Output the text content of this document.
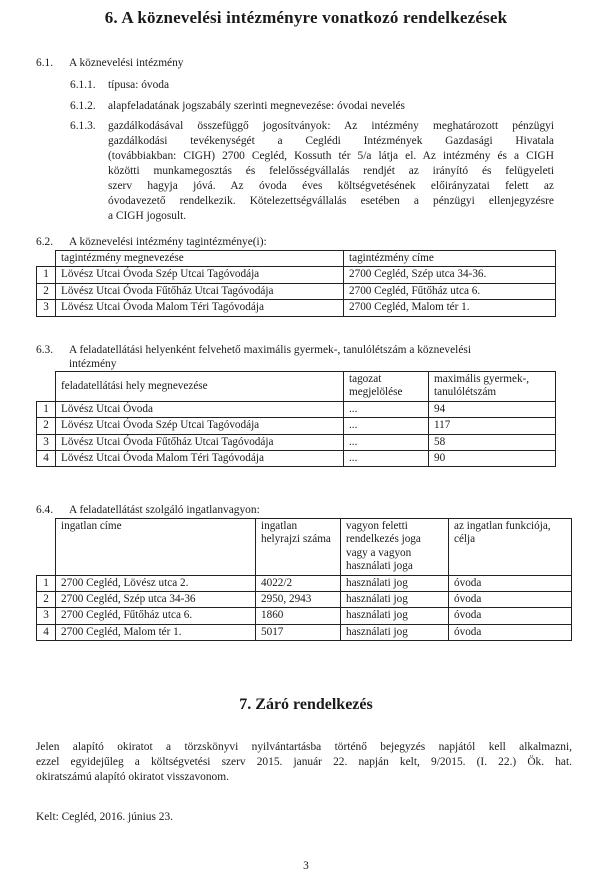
6. A köznevelési intézményre vonatkozó rendelkezések

6.1. A köznevelési intézmény

6.1.1. típusa: óvoda

6.1.2. alapfeladatának jogszabály szerinti megnevezése: óvodai nevelés

6.1.3. gazdálkodásával összefüggő jogosítványok: Az intézmény meghatározott pénzügyi

gazdálkodási tevékenységét a Ceglédi Intézmények Gazdasági Hivatala

(továbbiakban: CIGH) 2700 Cegléd, Kossuth tér 5/a látja el. Az intézmény és a CIGH

közötti munkamegosztás és felelősségvállalás rendjét az irányító és felügyeleti

szerv hagyja jóvá. Az óvoda éves költségvetésének előirányzatai felett az

óvodavezető rendelkezik. Kötelezettségvállalás esetében a pénzügyi ellenjegyzésre

a CIGH jogosult.

6.2. A köznevelési intézmény tagintézménye(i):

	tagintézmény megnevezése	tagintézmény címe
1	Lövész Utcai Óvoda Szép Utcai Tagóvodája	2700 Cegléd, Szép utca 34-36.
2	Lövész Utcai Óvoda Fűtőház Utcai Tagóvodája	2700 Cegléd, Fűtőház utca 6.
3	Lövész Utcai Óvoda Malom Téri Tagóvodája	2700 Cegléd, Malom tér 1.

6.3. A feladatellátási helyenként felvehető maximális gyermek-, tanulólétszám a köznevelési

intézmény

	feladatellátási hely megnevezése	tagozat megjelölése	maximális gyermek-, tanulólétszám
1	Lövész Utcai Óvoda	...	94
2	Lövész Utcai Óvoda Szép Utcai Tagóvodája	...	117
3	Lövész Utcai Óvoda Fűtőház Utcai Tagóvodája	...	58
4	Lövész Utcai Óvoda Malom Téri Tagóvodája	...	90

6.4. A feladatellátást szolgáló ingatlanvagyon:

	ingatlan címe	ingatlan helyrajzi száma	vagyon feletti rendelkezés joga vagy a vagyon használati joga	az ingatlan funkciója, célja
1	2700 Cegléd, Lövész utca 2.	4022/2	használati jog	óvoda
2	2700 Cegléd, Szép utca 34-36	2950, 2943	használati jog	óvoda
3	2700 Cegléd, Fűtőház utca 6.	1860	használati jog	óvoda
4	2700 Cegléd, Malom tér 1.	5017	használati jog	óvoda
7. Záró rendelkezés

Jelen alapító okiratot a törzskönyvi nyilvántartásba történő bejegyzés napjától kell alkalmazni,

ezzel egyidejűleg a költségvetési szerv 2015. január 22. napján kelt, 9/2015. (I. 22.) Ök. hat.

okiratszámú alapító okiratot visszavonom.

Kelt: Cegléd, 2016. június 23.

3
